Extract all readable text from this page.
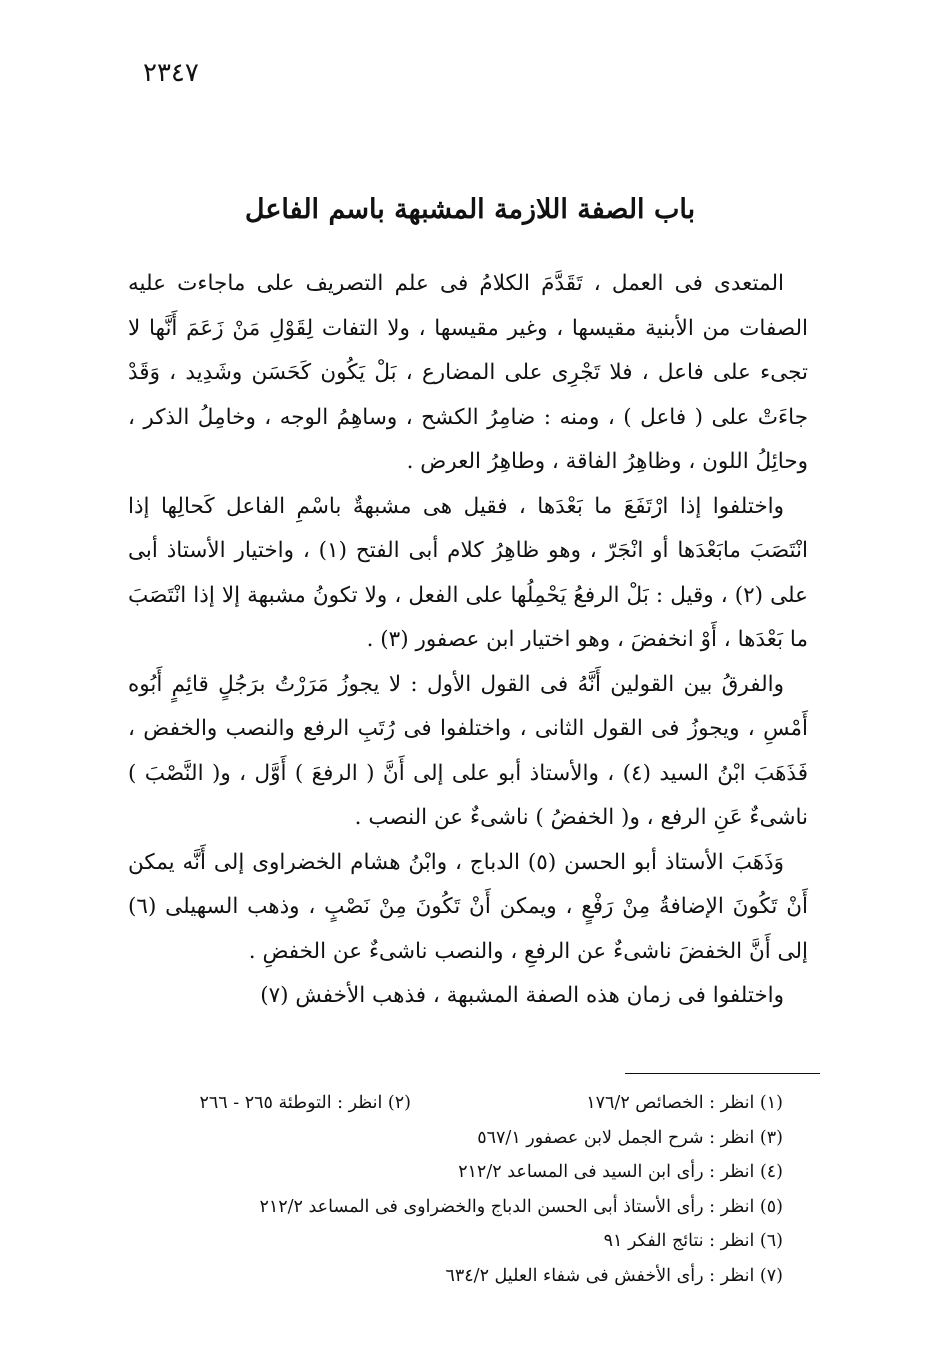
٢٣٤٧
باب الصفة اللازمة المشبهة باسم الفاعل

المتعدى فى العمل ، تَقَدَّمَ الكلامُ فى علم التصريف على ماجاءت عليه الصفات من الأبنية مقيسها ، وغير مقيسها ، ولا التفات لِقَوْلِ مَنْ زَعَمَ أَنَّها لا تجىء على فاعل ، فلا تَجْرِى على المضارع ، بَلْ يَكُون كَحَسَن وشَدِيد ، وَقَدْ جاءَتْ على ( فاعل ) ، ومنه : ضامِرُ الكشح ، وساهِمُ الوجه ، وخامِلُ الذكر ، وحائِلُ اللون ، وظاهِرُ الفاقة ، وطاهِرُ العرض .

واختلفوا إذا ارْتَفَعَ ما بَعْدَها ، فقيل هى مشبهةٌ باسْمِ الفاعل كَحالِها إذا انْتَصَبَ مابَعْدَها أو انْجَرّ ، وهو ظاهِرُ كلام أبى الفتح (١) ، واختيار الأستاذ أبى على (٢) ، وقيل : بَلْ الرفعُ يَحْمِلُها على الفعل ، ولا تكونُ مشبهة إلا إذا انْتَصَبَ ما بَعْدَها ، أَوْ انخفضَ ، وهو اختيار ابن عصفور (٣) .

والفرقُ بين القولين أَنَّهُ فى القول الأول : لا يجوزُ مَرَرْتُ برَجُلٍ قائِمٍ أَبُوه أَمْسِ ، ويجوزُ فى القول الثانى ، واختلفوا فى رُتَبِ الرفع والنصب والخفض ، فَذَهَبَ ابْنُ السيد (٤) ، والأستاذ أبو على إلى أَنَّ ( الرفعَ ) أَوَّل ، و( النَّصْبَ ) ناشىءٌ عَنِ الرفع ، و( الخفضُ ) ناشىءٌ عن النصب .

وَذَهَبَ الأستاذ أبو الحسن (٥) الدباج ، وابْنُ هشام الخضراوى إلى أَنَّه يمكن أَنْ تَكُونَ الإضافةُ مِنْ رَفْعٍ ، ويمكن أَنْ تَكُونَ مِنْ نَصْبٍ ، وذهب السهيلى (٦) إلى أَنَّ الخفضَ ناشىءٌ عن الرفعِ ، والنصب ناشىءٌ عن الخفضِ .

واختلفوا فى زمان هذه الصفة المشبهة ، فذهب الأخفش (٧)

(١) انظر : الخصائص ١٧٦/٢
(٢) انظر : التوطئة ٢٦٥ - ٢٦٦
(٣) انظر : شرح الجمل لابن عصفور ٥٦٧/١
(٤) انظر : رأى ابن السيد فى المساعد ٢١٢/٢
(٥) انظر : رأى الأستاذ أبى الحسن الدباج والخضراوى فى المساعد ٢١٢/٢
(٦) انظر : نتائج الفكر ٩١
(٧) انظر : رأى الأخفش فى شفاء العليل ٦٣٤/٢
